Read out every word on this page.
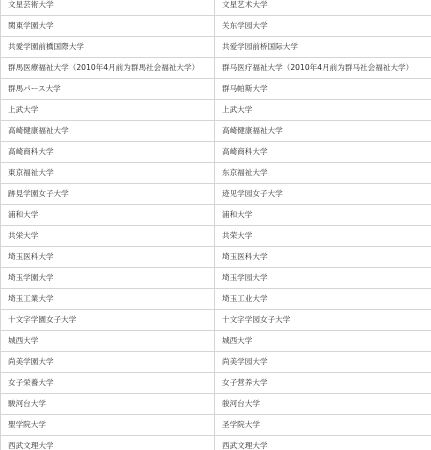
文星芸術大学	文星艺术大学
関東学園大学	关东学园大学
共愛学園前橋国際大学	共爱学园前桥国际大学
群馬医療福祉大学（2010年4月前为群馬社会福祉大学）	群马医疗福祉大学（2010年4月前为群马社会福祉大学）
群馬パース大学	群马帕斯大学
上武大学	上武大学
高崎健康福祉大学	高崎健康福祉大学
高崎商科大学	高崎商科大学
東京福祉大学	东京福祉大学
跡見学園女子大学	迹见学园女子大学
浦和大学	浦和大学
共栄大学	共荣大学
埼玉医科大学	埼玉医科大学
埼玉学園大学	埼玉学园大学
埼玉工業大学	埼玉工业大学
十文字学園女子大学	十文字学园女子大学
城西大学	城西大学
尚美学園大学	尚美学园大学
女子栄養大学	女子营养大学
駿河台大学	骏河台大学
聖学院大学	圣学院大学
西武文理大学	西武文理大学
